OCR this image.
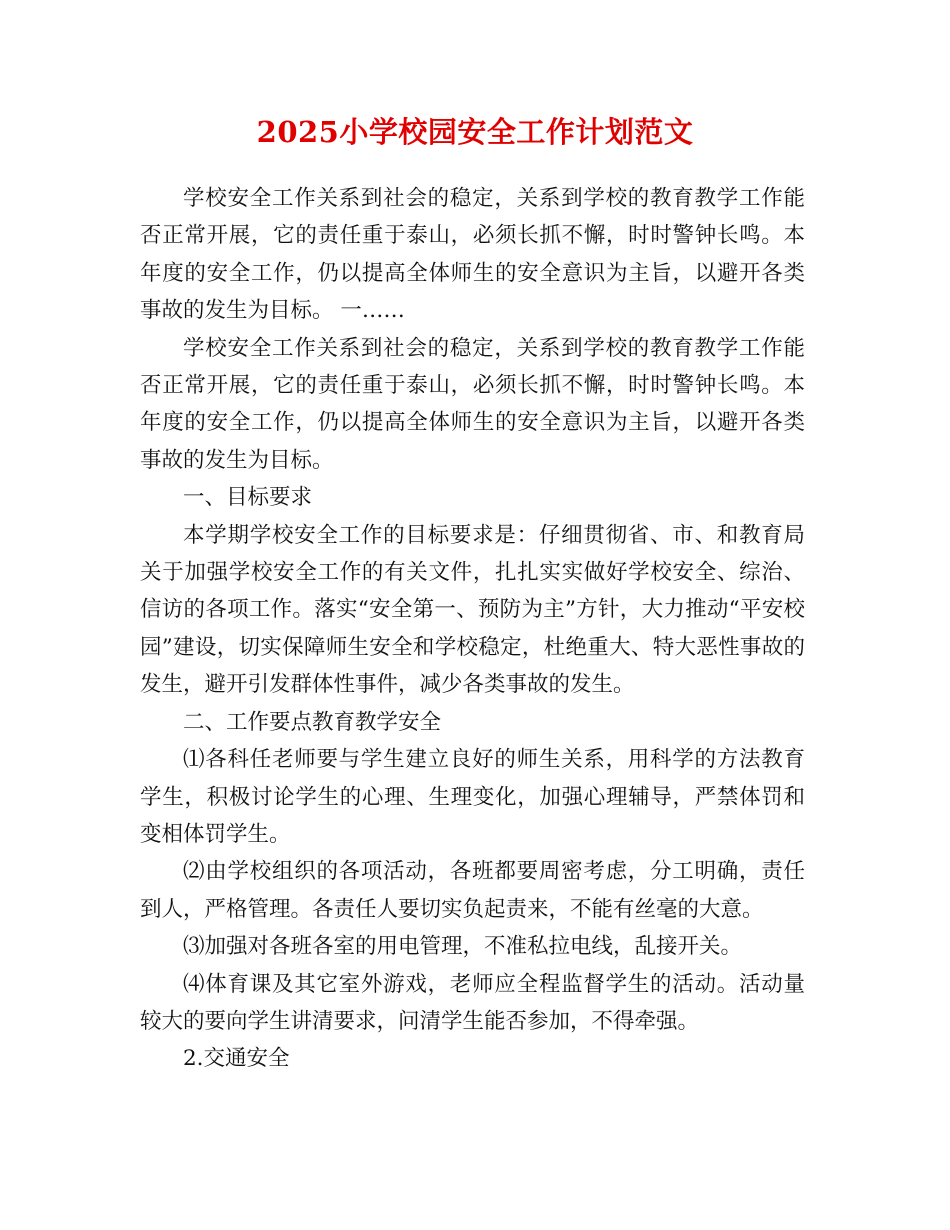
2025小学校园安全工作计划范文

学校安全工作关系到社会的稳定，关系到学校的教育教学工作能否正常开展，它的责任重于泰山，必须长抓不懈，时时警钟长鸣。本年度的安全工作，仍以提高全体师生的安全意识为主旨，以避开各类事故的发生为目标。 一……

学校安全工作关系到社会的稳定，关系到学校的教育教学工作能否正常开展，它的责任重于泰山，必须长抓不懈，时时警钟长鸣。本年度的安全工作，仍以提高全体师生的安全意识为主旨，以避开各类事故的发生为目标。

一、目标要求

本学期学校安全工作的目标要求是：仔细贯彻省、市、和教育局关于加强学校安全工作的有关文件，扎扎实实做好学校安全、综治、信访的各项工作。落实“安全第一、预防为主”方针，大力推动“平安校园”建设，切实保障师生安全和学校稳定，杜绝重大、特大恶性事故的发生，避开引发群体性事件，减少各类事故的发生。

二、工作要点教育教学安全

⑴各科任老师要与学生建立良好的师生关系，用科学的方法教育学生，积极讨论学生的心理、生理变化，加强心理辅导，严禁体罚和变相体罚学生。

⑵由学校组织的各项活动，各班都要周密考虑，分工明确，责任到人，严格管理。各责任人要切实负起责来，不能有丝毫的大意。

⑶加强对各班各室的用电管理，不准私拉电线，乱接开关。

⑷体育课及其它室外游戏，老师应全程监督学生的活动。活动量较大的要向学生讲清要求，问清学生能否参加，不得牵强。

2.交通安全
